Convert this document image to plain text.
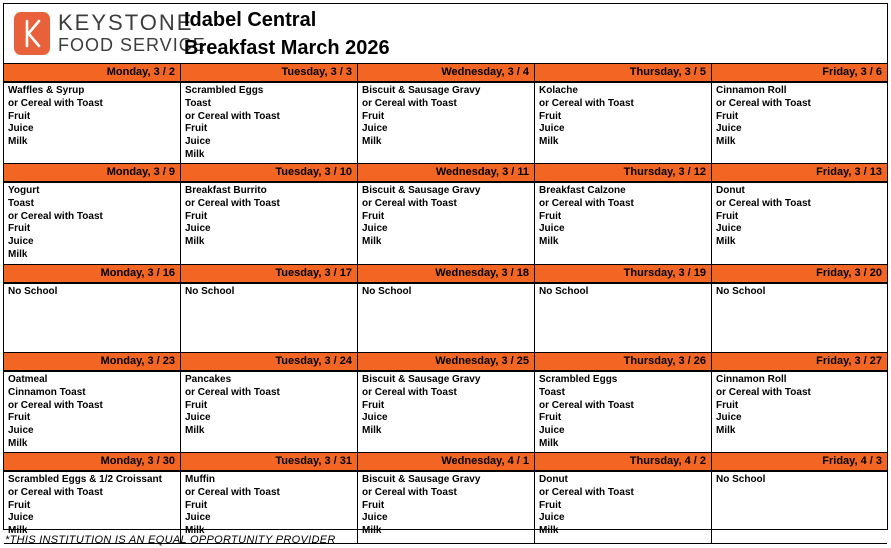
KEYSTONE
FOOD SERVICE
Idabel Central
Breakfast March 2026
Monday, 3 / 2
Waffles & Syrup
or Cereal with Toast
Fruit
Juice
Milk
Tuesday, 3 / 3
Scrambled Eggs
Toast
or Cereal with Toast
Fruit
Juice
Milk
Wednesday, 3 / 4
Biscuit & Sausage Gravy
or Cereal with Toast
Fruit
Juice
Milk
Thursday, 3 / 5
Kolache
or Cereal with Toast
Fruit
Juice
Milk
Friday, 3 / 6
Cinnamon Roll
or Cereal with Toast
Fruit
Juice
Milk
Monday, 3 / 9
Yogurt
Toast
or Cereal with Toast
Fruit
Juice
Milk
Tuesday, 3 / 10
Breakfast Burrito
or Cereal with Toast
Fruit
Juice
Milk
Wednesday, 3 / 11
Biscuit & Sausage Gravy
or Cereal with Toast
Fruit
Juice
Milk
Thursday, 3 / 12
Breakfast Calzone
or Cereal with Toast
Fruit
Juice
Milk
Friday, 3 / 13
Donut
or Cereal with Toast
Fruit
Juice
Milk
Monday, 3 / 16
No School
Tuesday, 3 / 17
No School
Wednesday, 3 / 18
No School
Thursday, 3 / 19
No School
Friday, 3 / 20
No School
Monday, 3 / 23
Oatmeal
Cinnamon Toast
or Cereal with Toast
Fruit
Juice
Milk
Tuesday, 3 / 24
Pancakes
or Cereal with Toast
Fruit
Juice
Milk
Wednesday, 3 / 25
Biscuit & Sausage Gravy
or Cereal with Toast
Fruit
Juice
Milk
Thursday, 3 / 26
Scrambled Eggs
Toast
or Cereal with Toast
Fruit
Juice
Milk
Friday, 3 / 27
Cinnamon Roll
or Cereal with Toast
Fruit
Juice
Milk
Monday, 3 / 30
Scrambled Eggs & 1/2 Croissant
or Cereal with Toast
Fruit
Juice
Milk
Tuesday, 3 / 31
Muffin
or Cereal with Toast
Fruit
Juice
Milk
Wednesday, 4 / 1
Biscuit & Sausage Gravy
or Cereal with Toast
Fruit
Juice
Milk
Thursday, 4 / 2
Donut
or Cereal with Toast
Fruit
Juice
Milk
Friday, 4 / 3
No School
*THIS INSTITUTION IS AN EQUAL OPPORTUNITY PROVIDER
